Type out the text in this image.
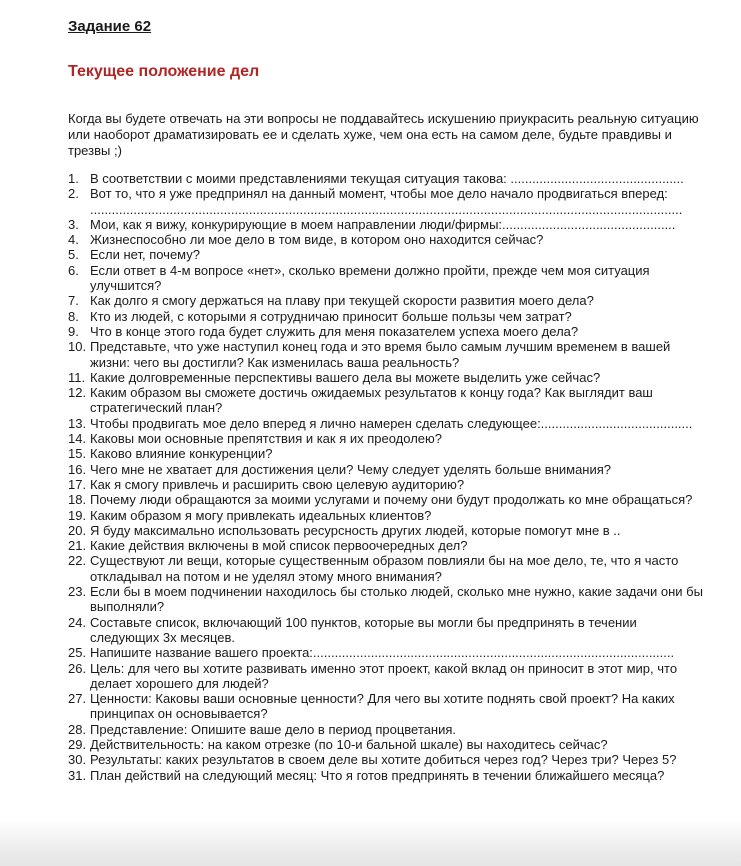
Задание 62
Текущее положение дел

Когда вы будете отвечать на эти вопросы не поддавайтесь искушению приукрасить реальную ситуацию или наоборот драматизировать ее и сделать хуже, чем она есть на самом деле, будьте правдивы и трезвы ;)

В соответствии с моими представлениями текущая ситуация такова: ................................................
Вот то, что я уже предпринял на данный момент, чтобы мое дело начало продвигаться вперед: ....................................................................................................................................................................
Мои, как я вижу, конкурирующие в моем направлении люди/фирмы:................................................
Жизнеспособно ли мое дело в том виде, в котором оно находится сейчас?
Если нет, почему?
Если ответ в 4-м вопросе «нет», сколько времени должно пройти, прежде чем моя ситуация улучшится?
Как долго я смогу держаться на плаву при текущей скорости развития моего дела?
Кто из людей, с которыми я сотрудничаю приносит больше пользы чем затрат?
Что в конце этого года будет служить для меня показателем успеха моего дела?
Представьте, что уже наступил конец года и это время было самым лучшим временем в вашей жизни: чего вы достигли? Как изменилась ваша реальность?
Какие долговременные перспективы вашего дела вы можете выделить уже сейчас?
Каким образом вы сможете достичь ожидаемых результатов к концу года? Как выглядит ваш стратегический план?
Чтобы продвигать мое дело вперед я лично намерен сделать следующее:..........................................
Каковы мои основные препятствия и как я их преодолею?
Каково влияние конкуренции?
Чего мне не хватает для достижения цели? Чему следует уделять больше внимания?
Как я смогу привлечь и расширить свою целевую аудиторию?
Почему люди обращаются за моими услугами и почему они будут продолжать ко мне обращаться?
Каким образом я могу привлекать идеальных клиентов?
Я буду максимально использовать ресурсность других людей, которые помогут мне в ..
Какие действия включены в мой список первоочередных дел?
Существуют ли вещи, которые существенным образом повлияли бы на мое дело, те, что я часто откладывал на потом и не уделял этому много внимания?
Если бы в моем подчинении находилось бы столько людей, сколько мне нужно, какие задачи они бы выполняли?
Составьте список, включающий 100 пунктов, которые вы могли бы предпринять в течении следующих 3х месяцев.
Напишите название вашего проекта:....................................................................................................
Цель: для чего вы хотите развивать именно этот проект, какой вклад он приносит в этот мир, что делает хорошего для людей?
Ценности: Каковы ваши основные ценности? Для чего вы хотите поднять свой проект? На каких принципах он основывается?
Представление: Опишите ваше дело в период процветания.
Действительность: на каком отрезке (по 10-и бальной шкале) вы находитесь сейчас?
Результаты: каких результатов в своем деле вы хотите добиться через год? Через три? Через 5?
План действий на следующий месяц: Что я готов предпринять в течении ближайшего месяца?
